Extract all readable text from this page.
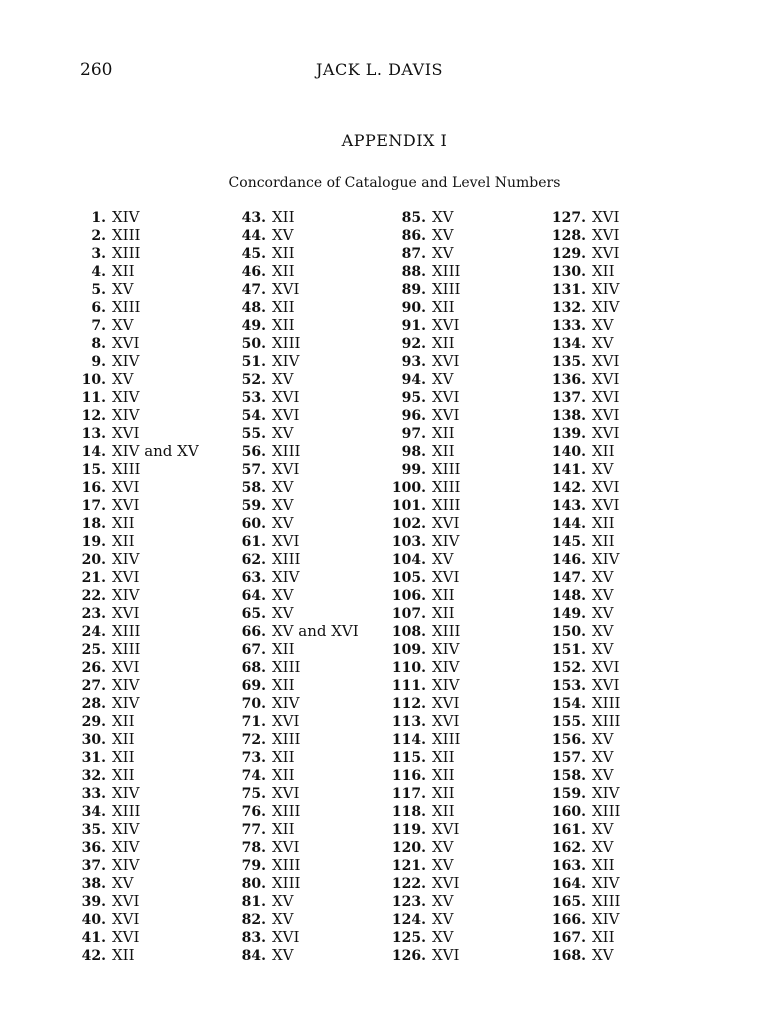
260	JACK L. DAVIS
APPENDIX I
Concordance of Catalogue and Level Numbers
1. XIV
2. XIII
3. XIII
4. XII
5. XV
6. XIII
7. XV
8. XVI
9. XIV
10. XV
11. XIV
12. XIV
13. XVI
14. XIV and XV
15. XIII
16. XVI
17. XVI
18. XII
19. XII
20. XIV
21. XVI
22. XIV
23. XVI
24. XIII
25. XIII
26. XVI
27. XIV
28. XIV
29. XII
30. XII
31. XII
32. XII
33. XIV
34. XIII
35. XIV
36. XIV
37. XIV
38. XV
39. XVI
40. XVI
41. XVI
42. XII
43. XII
44. XV
45. XII
46. XII
47. XVI
48. XII
49. XII
50. XIII
51. XIV
52. XV
53. XVI
54. XVI
55. XV
56. XIII
57. XVI
58. XV
59. XV
60. XV
61. XVI
62. XIII
63. XIV
64. XV
65. XV
66. XV and XVI
67. XII
68. XIII
69. XII
70. XIV
71. XVI
72. XIII
73. XII
74. XII
75. XVI
76. XIII
77. XII
78. XVI
79. XIII
80. XIII
81. XV
82. XV
83. XVI
84. XV
85. XV
86. XV
87. XV
88. XIII
89. XIII
90. XII
91. XVI
92. XII
93. XVI
94. XV
95. XVI
96. XVI
97. XII
98. XII
99. XIII
100. XIII
101. XIII
102. XVI
103. XIV
104. XV
105. XVI
106. XII
107. XII
108. XIII
109. XIV
110. XIV
111. XIV
112. XVI
113. XVI
114. XIII
115. XII
116. XII
117. XII
118. XII
119. XVI
120. XV
121. XV
122. XVI
123. XV
124. XV
125. XV
126. XVI
127. XVI
128. XVI
129. XVI
130. XII
131. XIV
132. XIV
133. XV
134. XV
135. XVI
136. XVI
137. XVI
138. XVI
139. XVI
140. XII
141. XV
142. XVI
143. XVI
144. XII
145. XII
146. XIV
147. XV
148. XV
149. XV
150. XV
151. XV
152. XVI
153. XVI
154. XIII
155. XIII
156. XV
157. XV
158. XV
159. XIV
160. XIII
161. XV
162. XV
163. XII
164. XIV
165. XIII
166. XIV
167. XII
168. XV
